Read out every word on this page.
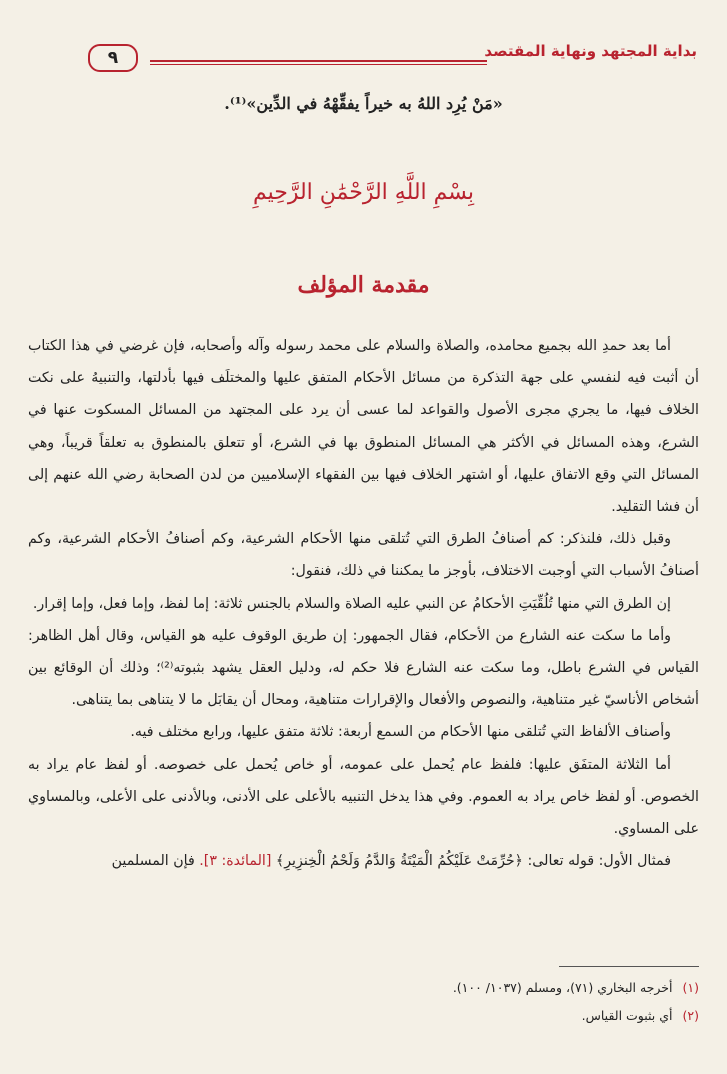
بداية المجتهد ونهاية المقتصد
٩
«مَنْ يُرِد اللهُ به خيراً يفقِّهْهُ في الدِّين»⁽¹⁾.
بِسْمِ اللَّهِ الرَّحْمَٰنِ الرَّحِيمِ
مقدمة المؤلف

أما بعد حمدِ الله بجميع محامده، والصلاة والسلام على محمد رسوله وآله وأصحابه، فإن غرضي في هذا الكتاب أن أثبت فيه لنفسي على جهة التذكرة من مسائل الأحكام المتفق عليها والمختلَف فيها بأدلتها، والتنبيهُ على نكت الخلاف فيها، ما يجري مجرى الأصول والقواعد لما عسى أن يرد على المجتهد من المسائل المسكوت عنها في الشرع، وهذه المسائل في الأكثر هي المسائل المنطوق بها في الشرع، أو تتعلق بالمنطوق به تعلقاً قريباً، وهي المسائل التي وقع الاتفاق عليها، أو اشتهر الخلاف فيها بين الفقهاء الإسلاميين من لدن الصحابة رضي الله عنهم إلى أن فشا التقليد.

وقبل ذلك، فلنذكر: كم أصنافُ الطرق التي تُتلقى منها الأحكام الشرعية، وكم أصنافُ الأحكام الشرعية، وكم أصنافُ الأسباب التي أوجبت الاختلاف، بأوجز ما يمكننا في ذلك، فنقول:

إن الطرق التي منها تُلُقِّيَتِ الأحكامُ عن النبي عليه الصلاة والسلام بالجنس ثلاثة: إما لفظ، وإما فعل، وإما إقرار.

وأما ما سكت عنه الشارع من الأحكام، فقال الجمهور: إن طريق الوقوف عليه هو القياس، وقال أهل الظاهر: القياس في الشرع باطل، وما سكت عنه الشارع فلا حكم له، ودليل العقل يشهد بثبوته⁽²⁾؛ وذلك أن الوقائع بين أشخاص الأناسيّ غير متناهية، والنصوص والأفعال والإقرارات متناهية، ومحال أن يقابَل ما لا يتناهى بما يتناهى.

وأصناف الألفاظ التي تُتلقى منها الأحكام من السمع أربعة: ثلاثة متفق عليها، ورابع مختلف فيه.

أما الثلاثة المتفَق عليها: فلفظ عام يُحمل على عمومه، أو خاص يُحمل على خصوصه. أو لفظ عام يراد به الخصوص. أو لفظ خاص يراد به العموم. وفي هذا يدخل التنبيه بالأعلى على الأدنى، وبالأدنى على الأعلى، وبالمساوي على المساوي.

فمثال الأول: قوله تعالى: ﴿حُرِّمَتْ عَلَيْكُمُ الْمَيْتَةُ وَالدَّمُ وَلَحْمُ الْخِنزِيرِ﴾ [المائدة: ٣]. فإن المسلمين

(١)
أخرجه البخاري (٧١)، ومسلم (١٠٣٧/ ١٠٠).
(٢)
أي بثبوت القياس.
